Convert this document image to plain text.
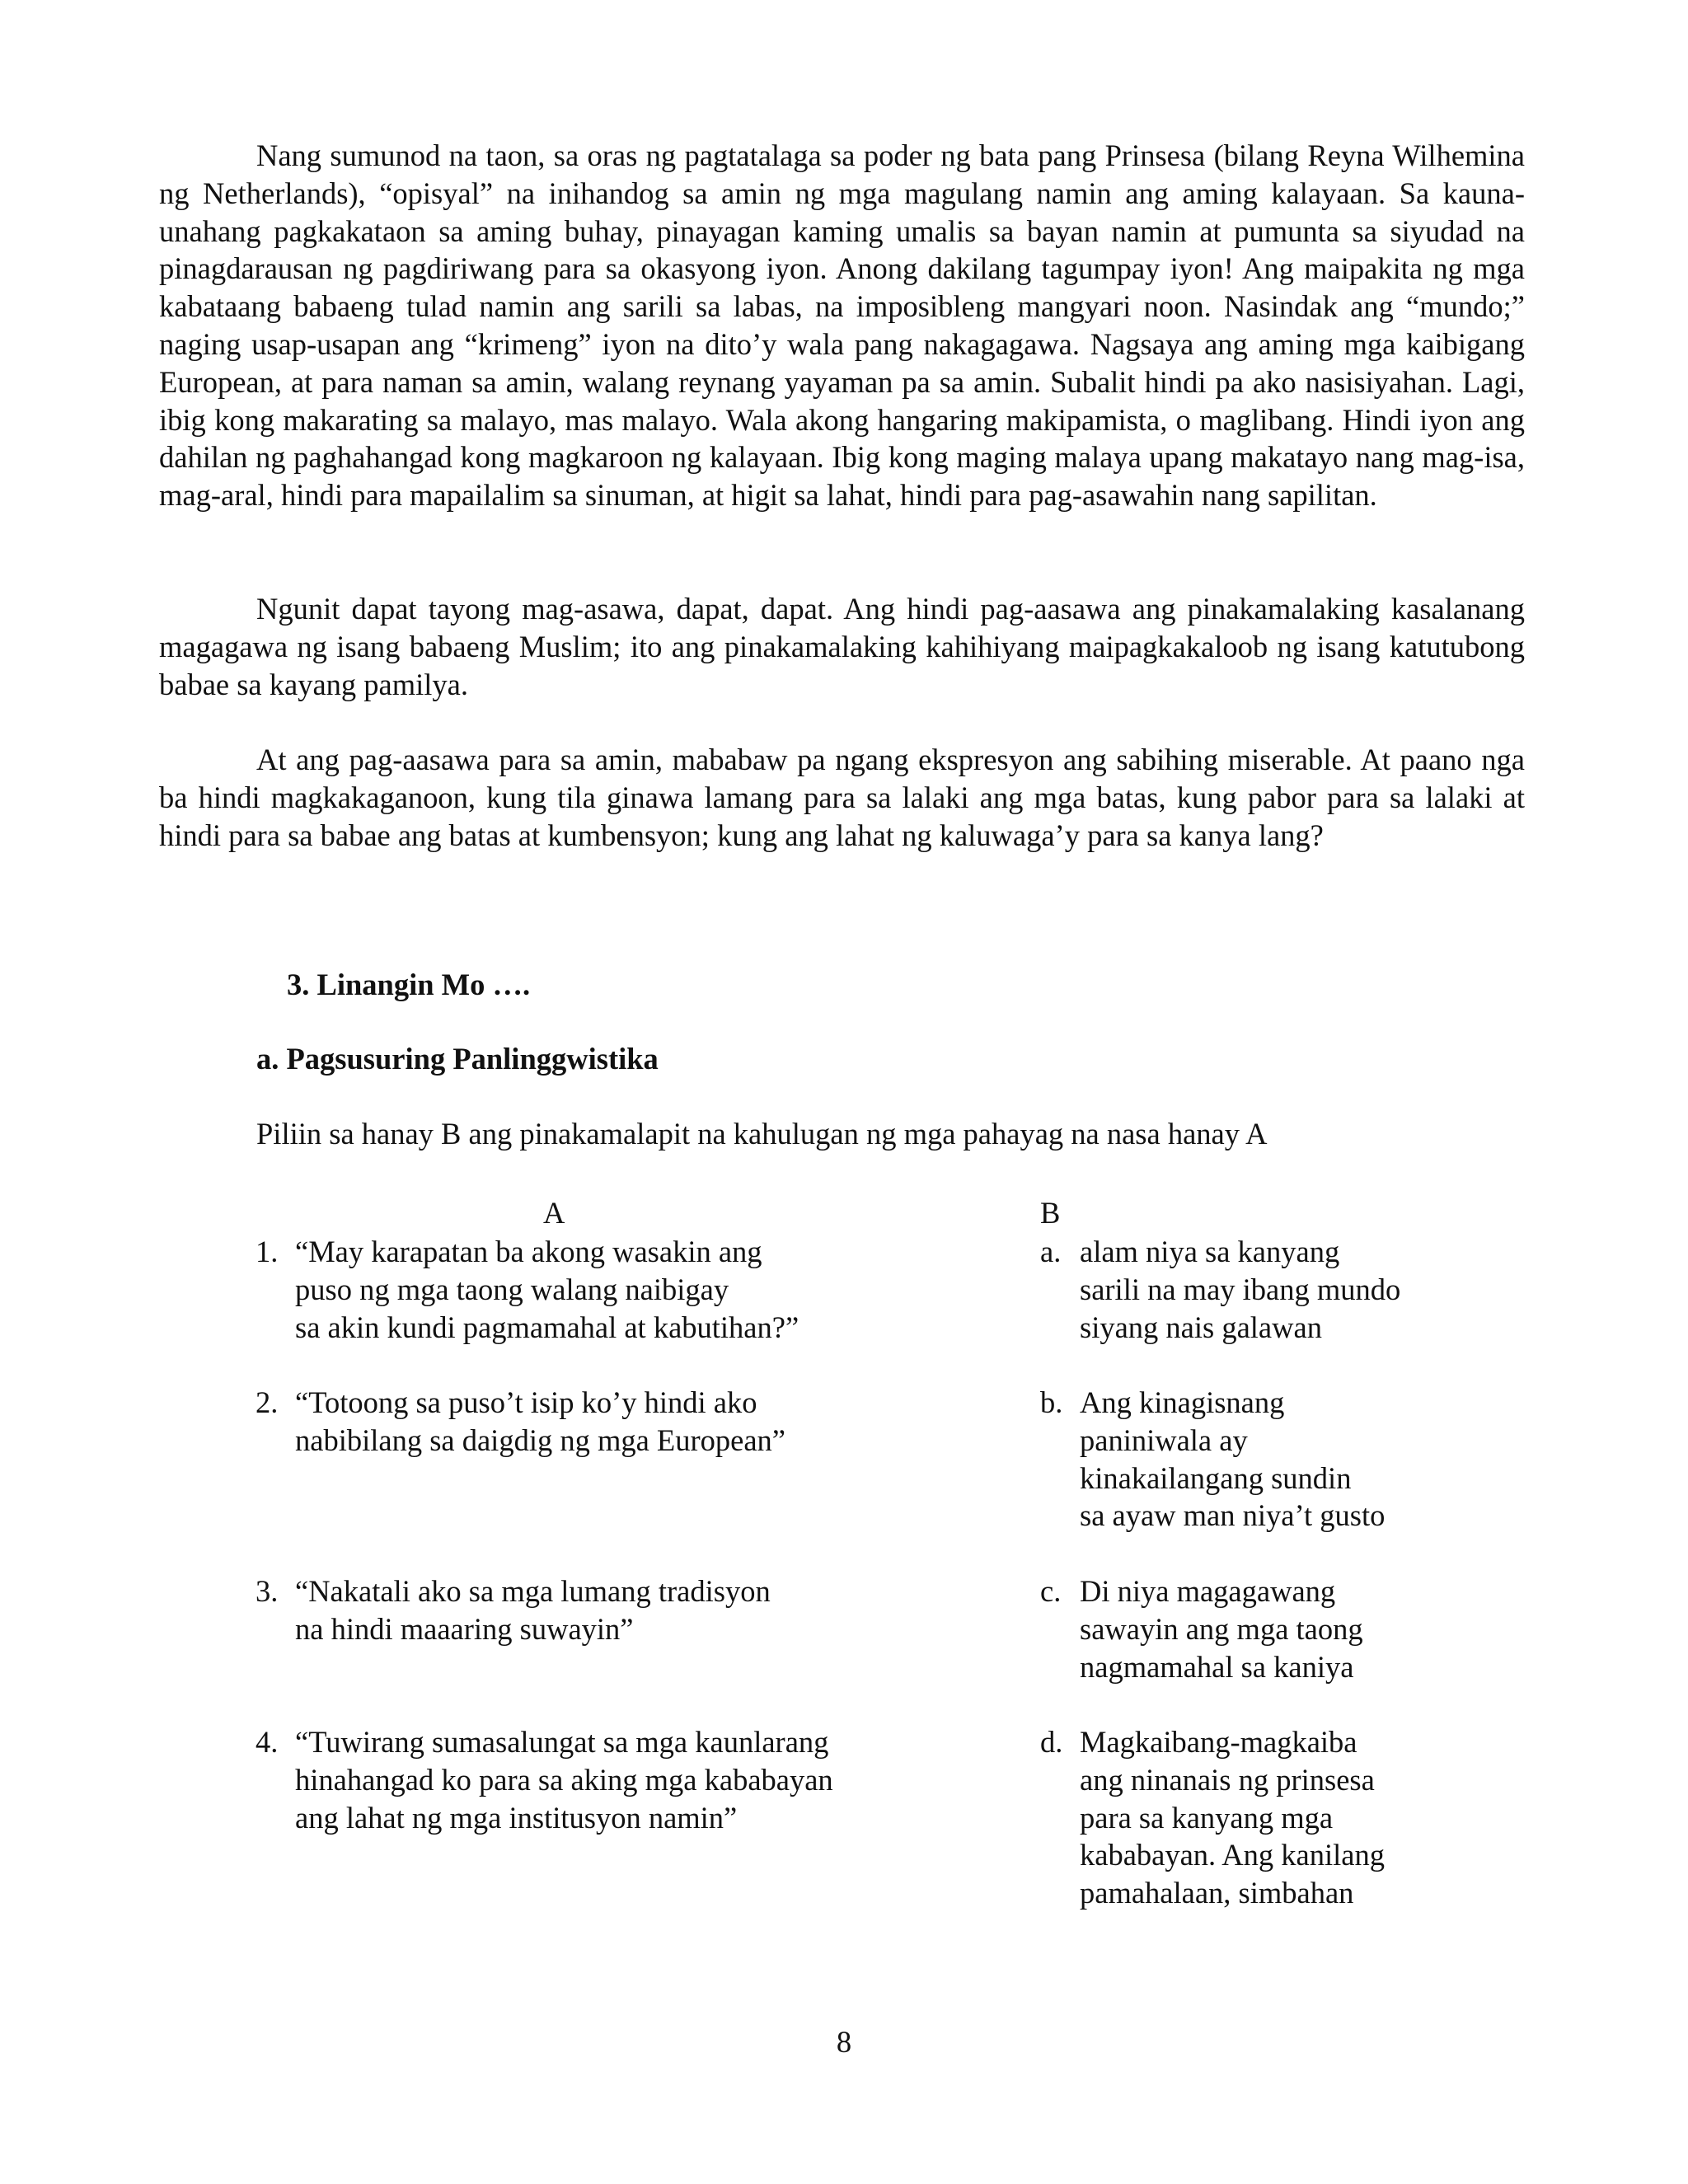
Nang sumunod na taon, sa oras ng pagtatalaga sa poder ng bata pang Prinsesa (bilang Reyna Wilhemina ng Netherlands), “opisyal” na inihandog sa amin ng mga magulang namin ang aming kalayaan. Sa kauna-unahang pagkakataon sa aming buhay, pinayagan kaming umalis sa bayan namin at pumunta sa siyudad na pinagdarausan ng pagdiriwang para sa okasyong iyon. Anong dakilang tagumpay iyon! Ang maipakita ng mga kabataang babaeng tulad namin ang sarili sa labas, na imposibleng mangyari noon. Nasindak ang “mundo;” naging usap-usapan ang “krimeng” iyon na dito’y wala pang nakagagawa. Nagsaya ang aming mga kaibigang European, at para naman sa amin, walang reynang yayaman pa sa amin. Subalit hindi pa ako nasisiyahan. Lagi, ibig kong makarating sa malayo, mas malayo. Wala akong hangaring makipamista, o maglibang. Hindi iyon ang dahilan ng paghahangad kong magkaroon ng kalayaan. Ibig kong maging malaya upang makatayo nang mag-isa, mag-aral, hindi para mapailalim sa sinuman, at higit sa lahat, hindi para pag-asawahin nang sapilitan.

Ngunit dapat tayong mag-asawa, dapat, dapat. Ang hindi pag-aasawa ang pinakamalaking kasalanang magagawa ng isang babaeng Muslim; ito ang pinakamalaking kahihiyang maipagkakaloob ng isang katutubong babae sa kayang pamilya.

At ang pag-aasawa para sa amin, mababaw pa ngang ekspresyon ang sabihing miserable. At paano nga ba hindi magkakaganoon, kung tila ginawa lamang para sa lalaki ang mga batas, kung pabor para sa lalaki at hindi para sa babae ang batas at kumbensyon; kung ang lahat ng kaluwaga’y para sa kanya lang?

3. Linangin Mo ….
a. Pagsusuring Panlinggwistika
Piliin sa hanay B ang pinakamalapit na kahulugan ng mga pahayag na nasa hanay A
A	B
1. “May karapatan ba akong wasakin ang
puso ng mga taong walang naibigay
sa akin kundi pagmamahal at kabutihan?”
2. “Totoong sa puso’t isip ko’y hindi ako
nabibilang sa daigdig ng mga European”
3. “Nakatali ako sa mga lumang tradisyon
na hindi maaaring suwayin”
4. “Tuwirang sumasalungat sa mga kaunlarang
hinahangad ko para sa aking mga kababayan
ang lahat ng mga institusyon namin”
a. alam niya sa kanyang
sarili na may ibang mundo
siyang nais galawan
b. Ang kinagisnang
paniniwala ay
kinakailangang sundin
sa ayaw man niya’t gusto
c. Di niya magagawang
sawayin ang mga taong
nagmamahal sa kaniya
d. Magkaibang-magkaiba
ang ninanais ng prinsesa
para sa kanyang mga
kababayan. Ang kanilang
pamahalaan, simbahan
8
